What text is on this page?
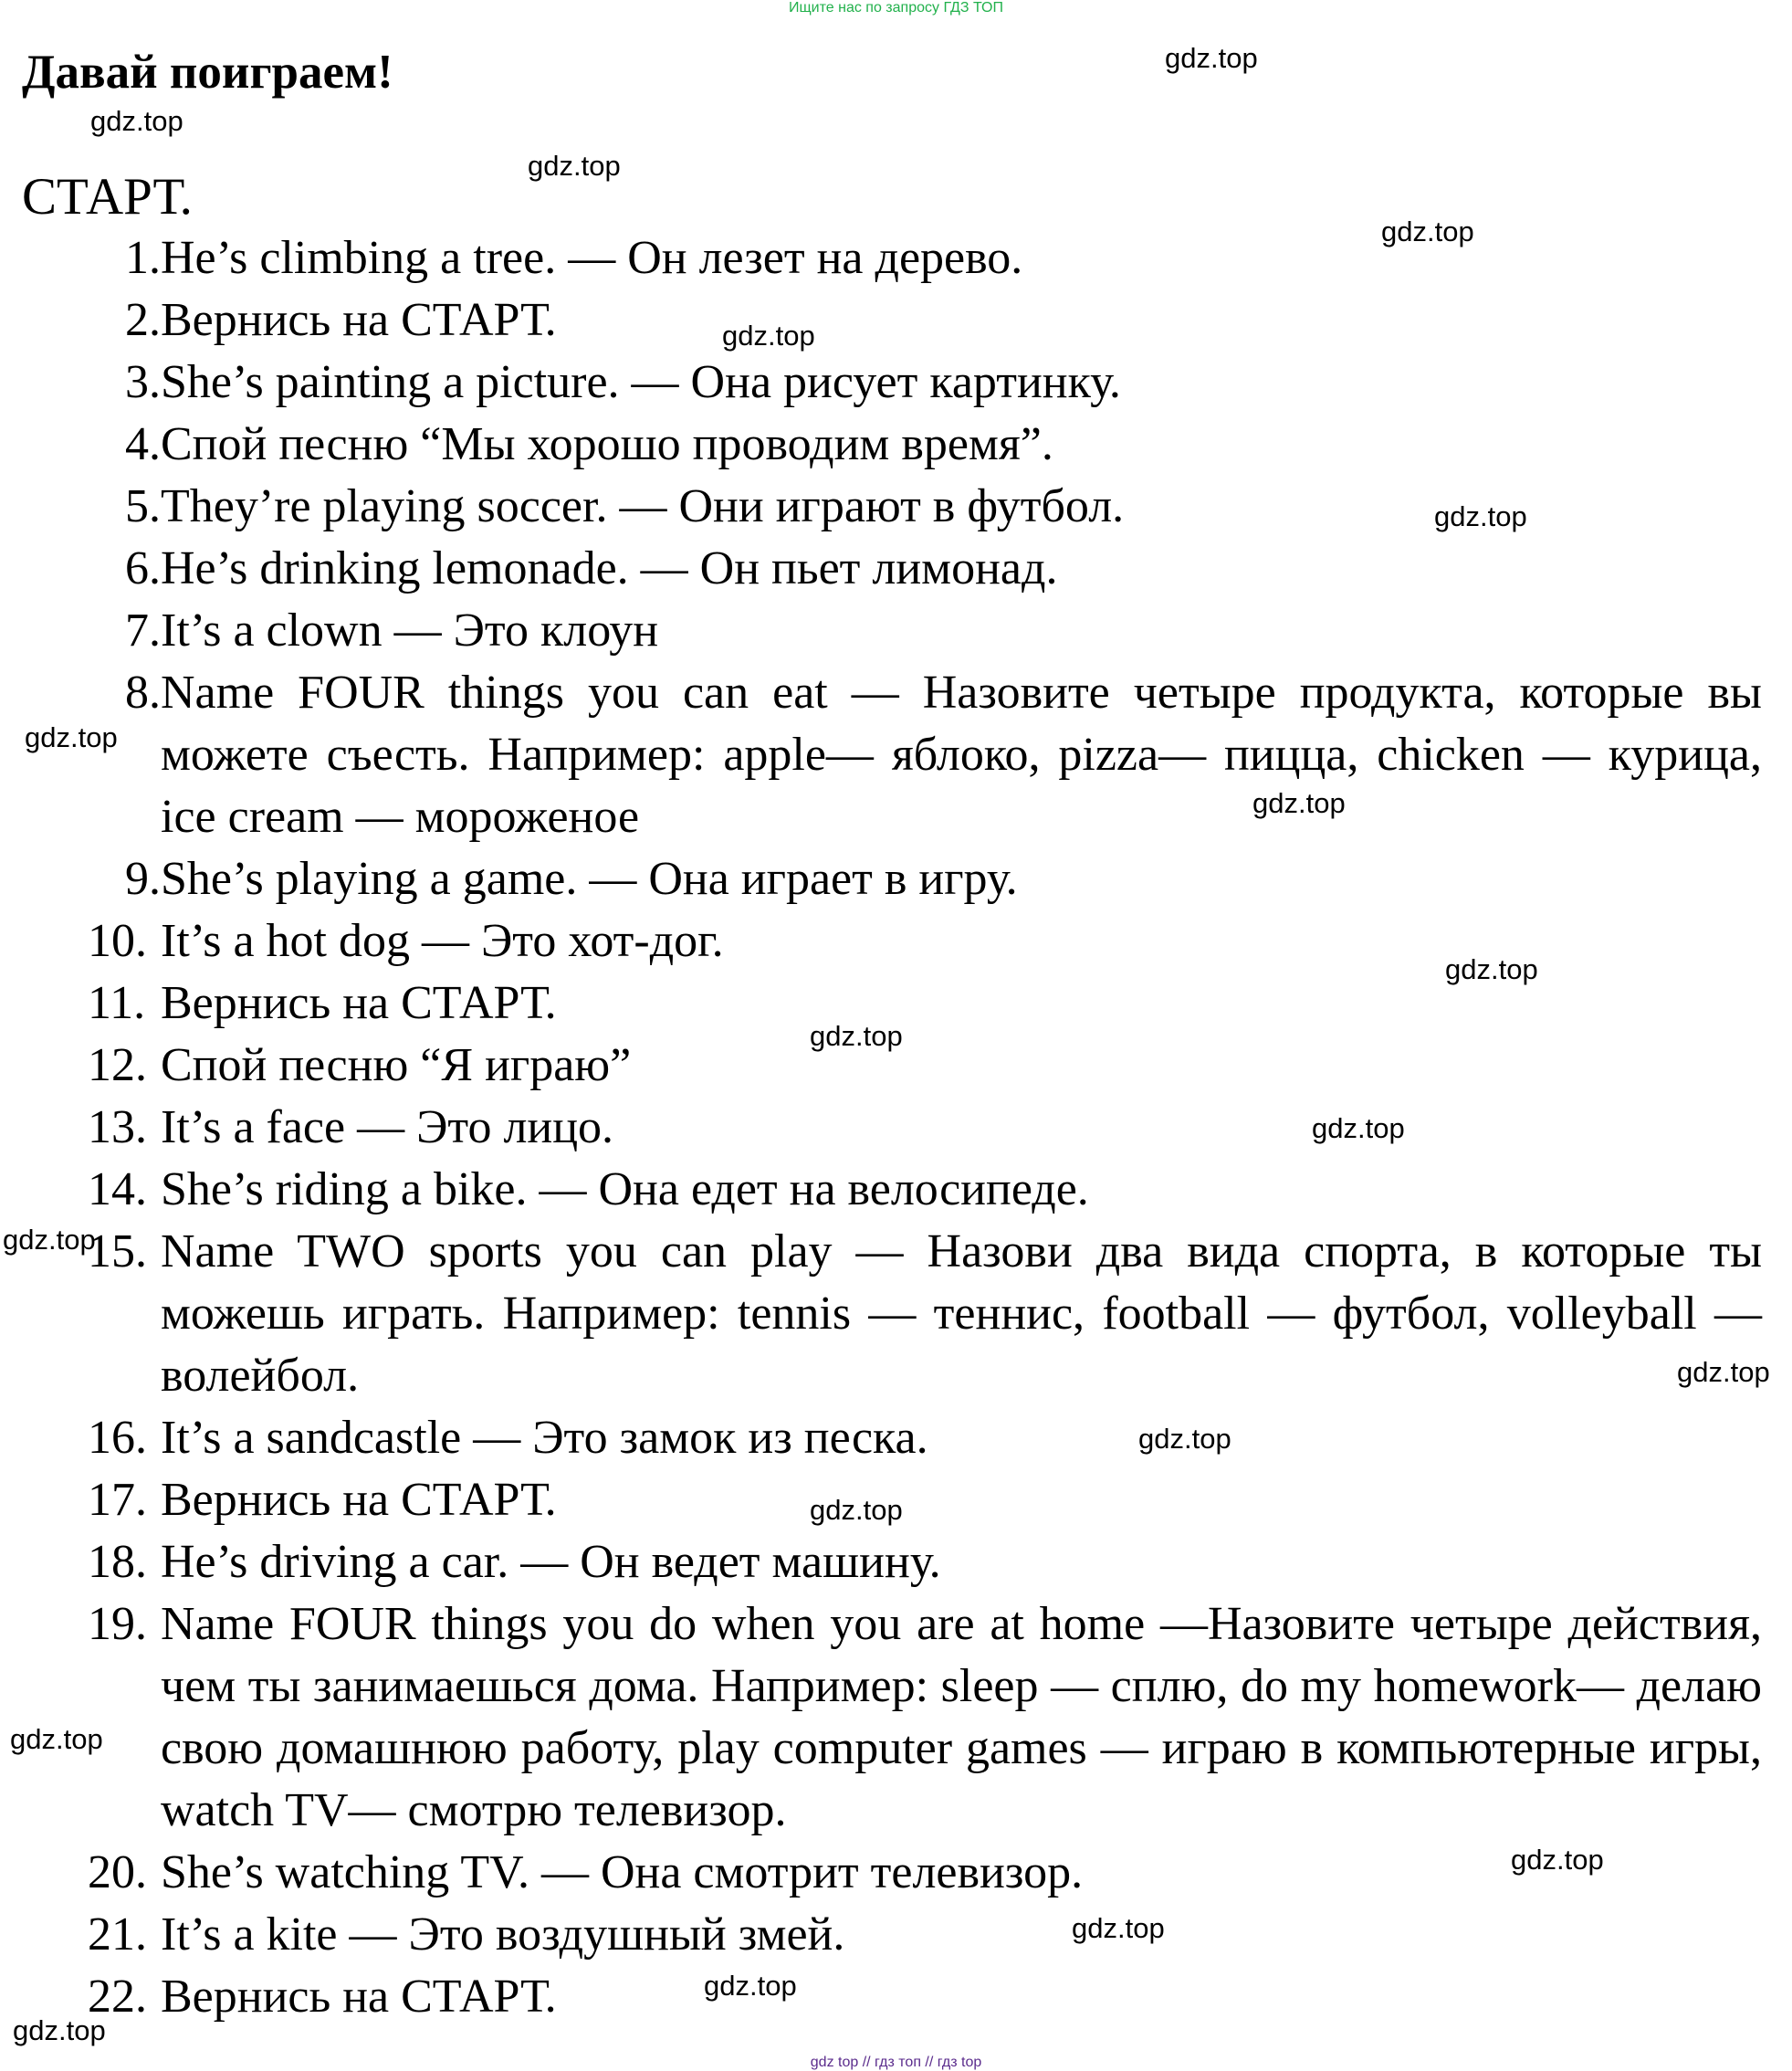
Ищите нас по запросу ГДЗ ТОП
Давай поиграем!
СТАРТ.
1. He’s climbing a tree. — Он лезет на дерево.
2. Вернись на СТАРТ.
3. She’s painting a picture. — Она рисует картинку.
4. Спой песню “Мы хорошо проводим время”.
5. They’re playing soccer. — Они играют в футбол.
6. He’s drinking lemonade. — Он пьет лимонад.
7. It’s a clown — Это клоун
8. Name FOUR things you can eat — Назовите четыре продукта, которые вы можете съесть. Например: apple— яблоко, pizza— пицца, chicken — курица, ice cream — мороженое
9. She’s playing a game. — Она играет в игру.
10. It’s a hot dog — Это хот-дог.
11. Вернись на СТАРТ.
12. Спой песню “Я играю”
13. It’s a face — Это лицо.
14. She’s riding a bike. — Она едет на велосипеде.
15. Name TWO sports you can play — Назови два вида спорта, в которые ты можешь играть. Например: tennis — теннис, football — футбол, volleyball — волейбол.
16. It’s a sandcastle — Это замок из песка.
17. Вернись на СТАРТ.
18. He’s driving a car. — Он ведет машину.
19. Name FOUR things you do when you are at home —Назовите четыре действия, чем ты занимаешься дома. Например: sleep — сплю, do my homework— делаю свою домашнюю работу, play computer games — играю в компьютерные игры, watch TV— смотрю телевизор.
20. She’s watching TV. — Она смотрит телевизор.
21. It’s a kite — Это воздушный змей.
22. Вернись на СТАРТ.
gdz.top
gdz.top
gdz.top
gdz.top
gdz.top
gdz.top
gdz.top
gdz.top
gdz.top
gdz.top
gdz.top
gdz.top
gdz.top
gdz.top
gdz.top
gdz.top
gdz.top
gdz.top
gdz.top
gdz.top
gdz top // гдз топ // гдз top
